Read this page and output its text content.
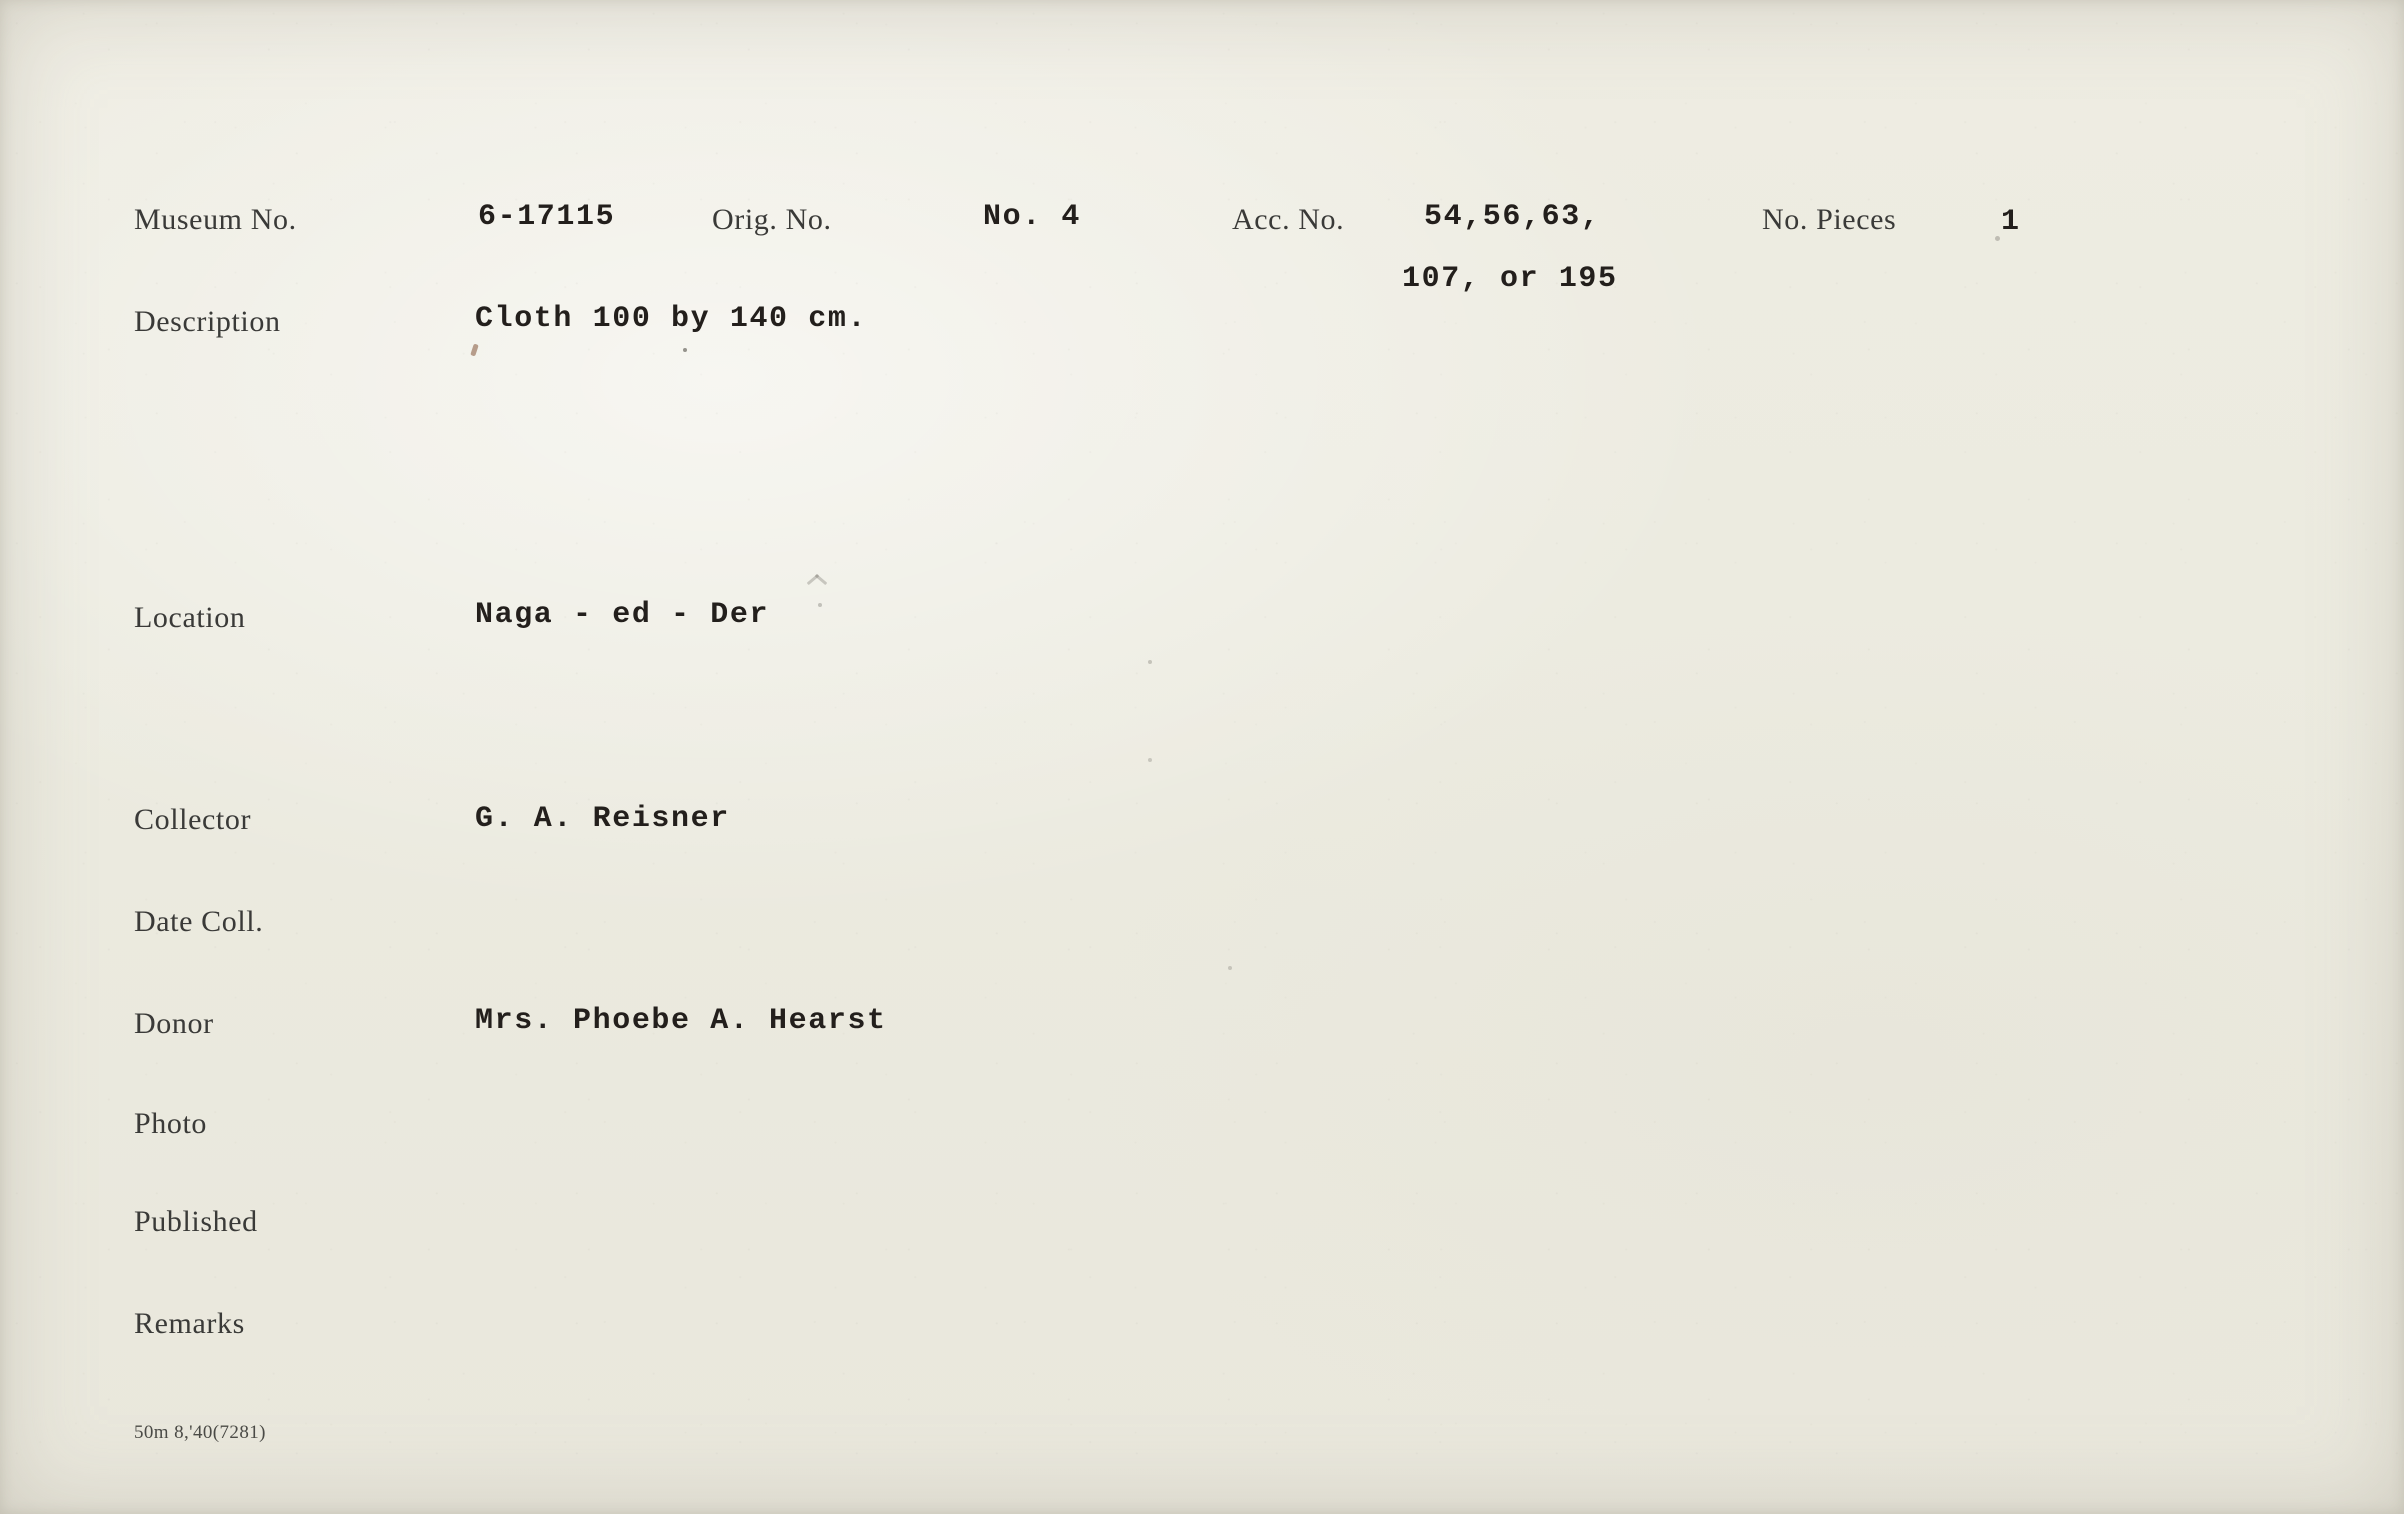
Museum No.	6-17115	Orig. No.	No. 4	Acc. No.	54,56,63,
107, or 195
No. Pieces	1
Description	Cloth 100 by 140 cm.
Location	Naga - ed - Der
Collector	G. A. Reisner
Date Coll.
Donor	Mrs. Phoebe A. Hearst
Photo
Published
Remarks
50m 8,'40(7281)
